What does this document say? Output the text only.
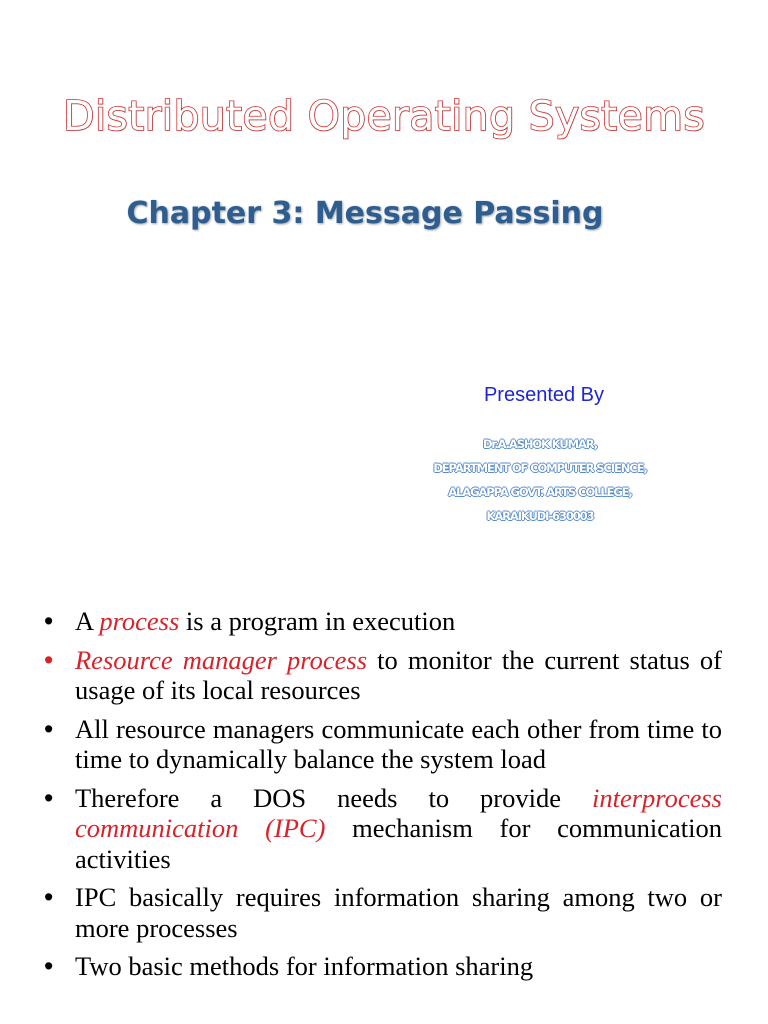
Distributed Operating Systems
Chapter 3: Message Passing
Presented By
Dr.A.ASHOK KUMAR,
DEPARTMENT OF COMPUTER SCIENCE,
ALAGAPPA GOVT. ARTS COLLEGE,
KARAIKUDI-630003
• A process is a program in execution
• Resource manager process to monitor the current status of usage of its local resources
• All resource managers communicate each other from time to time to dynamically balance the system load
• Therefore a DOS needs to provide interprocess communication (IPC) mechanism for communication activities
• IPC basically requires information sharing among two or more processes
• Two basic methods for information sharing
